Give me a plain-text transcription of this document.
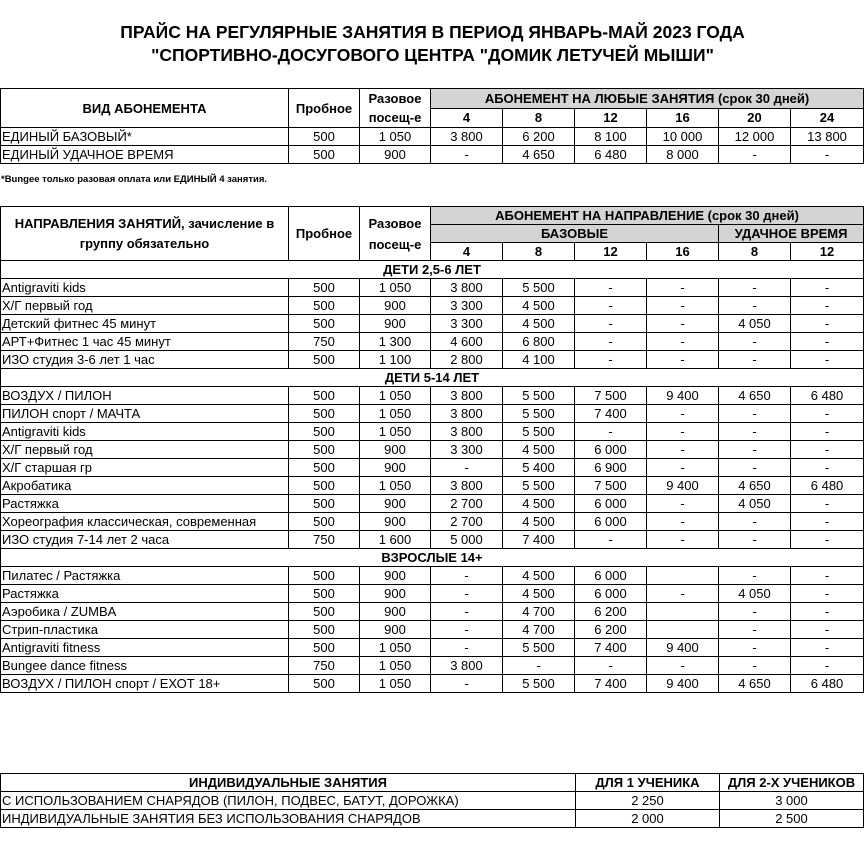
ПРАЙС НА РЕГУЛЯРНЫЕ ЗАНЯТИЯ В ПЕРИОД ЯНВАРЬ-МАЙ 2023 ГОДА
"СПОРТИВНО-ДОСУГОВОГО ЦЕНТРА "ДОМИК ЛЕТУЧЕЙ МЫШИ"
ВИД АБОНЕМЕНТА	Пробное	Разовое посещ-е	АБОНЕМЕНТ НА ЛЮБЫЕ ЗАНЯТИЯ (срок 30 дней)					
			4	8	12	16	20	24
ЕДИНЫЙ БАЗОВЫЙ*	500	1 050	3 800	6 200	8 100	10 000	12 000	13 800
ЕДИНЫЙ УДАЧНОЕ ВРЕМЯ	500	900	-	4 650	6 480	8 000	-	-
*Bungee только разовая оплата или ЕДИНЫЙ 4 занятия.
НАПРАВЛЕНИЯ ЗАНЯТИЙ, зачисление в группу обязательно	Пробное	Разовое посещ-е	АБОНЕМЕНТ НА НАПРАВЛЕНИЕ (срок 30 дней)					
			БАЗОВЫЕ				УДАЧНОЕ ВРЕМЯ	
			4	8	12	16	8	12
ДЕТИ 2,5-6 ЛЕТ								
Antigraviti kids	500	1 050	3 800	5 500	-	-	-	-
Х/Г первый год	500	900	3 300	4 500	-	-	-	-
Детский фитнес 45 минут	500	900	3 300	4 500	-	-	4 050	-
АРТ+Фитнес 1 час 45 минут	750	1 300	4 600	6 800	-	-	-	-
ИЗО студия 3-6 лет 1 час	500	1 100	2 800	4 100	-	-	-	-
ДЕТИ 5-14 ЛЕТ								
ВОЗДУХ / ПИЛОН	500	1 050	3 800	5 500	7 500	9 400	4 650	6 480
ПИЛОН спорт / МАЧТА	500	1 050	3 800	5 500	7 400	-	-	-
Antigraviti kids	500	1 050	3 800	5 500	-	-	-	-
Х/Г первый год	500	900	3 300	4 500	6 000	-	-	-
Х/Г старшая гр	500	900	-	5 400	6 900	-	-	-
Акробатика	500	1 050	3 800	5 500	7 500	9 400	4 650	6 480
Растяжка	500	900	2 700	4 500	6 000	-	4 050	-
Хореография классическая, современная	500	900	2 700	4 500	6 000	-	-	-
ИЗО студия 7-14 лет 2 часа	750	1 600	5 000	7 400	-	-	-	-
ВЗРОСЛЫЕ 14+								
Пилатес / Растяжка	500	900	-	4 500	6 000		-	-
Растяжка	500	900	-	4 500	6 000	-	4 050	-
Аэробика / ZUMBA	500	900	-	4 700	6 200		-	-
Стрип-пластика	500	900	-	4 700	6 200		-	-
Antigraviti fitness	500	1 050	-	5 500	7 400	9 400	-	-
Bungee dance fitness	750	1 050	3 800	-	-	-	-	-
ВОЗДУХ / ПИЛОН спорт / ЕХОТ 18+	500	1 050	-	5 500	7 400	9 400	4 650	6 480
ИНДИВИДУАЛЬНЫЕ ЗАНЯТИЯ	ДЛЯ 1 УЧЕНИКА	ДЛЯ 2-Х УЧЕНИКОВ
С ИСПОЛЬЗОВАНИЕМ СНАРЯДОВ (ПИЛОН, ПОДВЕС, БАТУТ, ДОРОЖКА)	2 250	3 000
ИНДИВИДУАЛЬНЫЕ ЗАНЯТИЯ БЕЗ ИСПОЛЬЗОВАНИЯ СНАРЯДОВ	2 000	2 500
